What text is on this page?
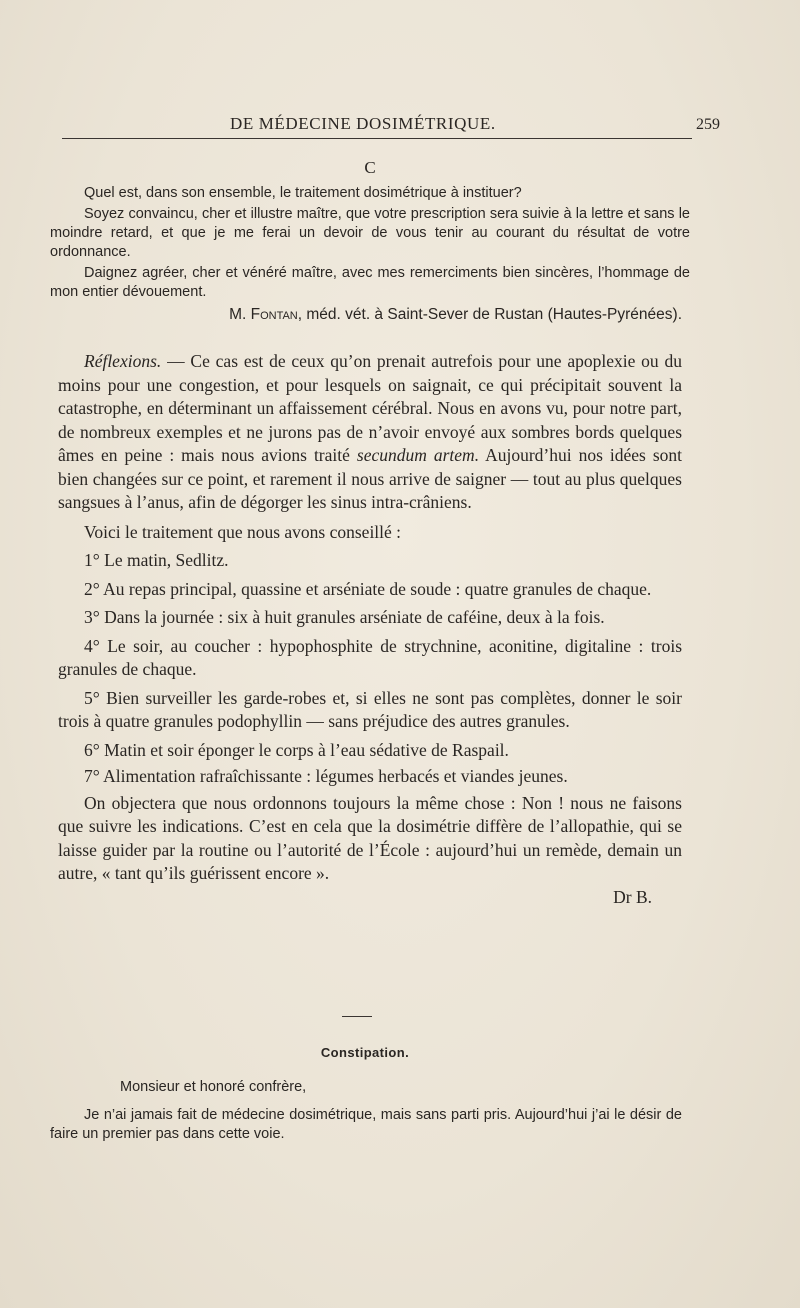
DE MÉDECINE DOSIMÉTRIQUE.	259
C

Quel est, dans son ensemble, le traitement dosimétrique à instituer?

Soyez convaincu, cher et illustre maître, que votre prescription sera suivie à la lettre et sans le moindre retard, et que je me ferai un devoir de vous tenir au courant du résultat de votre ordonnance.

Daignez agréer, cher et vénéré maître, avec mes remerciments bien sincères, l’hommage de mon entier dévouement.

M. Fontan, méd. vét. à Saint-Sever de Rustan (Hautes-Pyrénées).

Réflexions. — Ce cas est de ceux qu’on prenait autrefois pour une apoplexie ou du moins pour une congestion, et pour lesquels on saignait, ce qui précipitait souvent la catastrophe, en déterminant un affaissement cérébral. Nous en avons vu, pour notre part, de nombreux exemples et ne jurons pas de n’avoir envoyé aux sombres bords quelques âmes en peine : mais nous avions traité secundum artem. Aujourd’hui nos idées sont bien changées sur ce point, et rarement il nous arrive de saigner — tout au plus quelques sangsues à l’anus, afin de dégorger les sinus intra-crâniens.

Voici le traitement que nous avons conseillé :

1° Le matin, Sedlitz.

2° Au repas principal, quassine et arséniate de soude : quatre granules de chaque.

3° Dans la journée : six à huit granules arséniate de caféine, deux à la fois.

4° Le soir, au coucher : hypophosphite de strychnine, aconitine, digitaline : trois granules de chaque.

5° Bien surveiller les garde-robes et, si elles ne sont pas complètes, donner le soir trois à quatre granules podophyllin — sans préjudice des autres granules.

6° Matin et soir éponger le corps à l’eau sédative de Raspail.

7° Alimentation rafraîchissante : légumes herbacés et viandes jeunes.

On objectera que nous ordonnons toujours la même chose : Non ! nous ne faisons que suivre les indications. C’est en cela que la dosimétrie diffère de l’allopathie, qui se laisse guider par la routine ou l’autorité de l’École : aujourd’hui un remède, demain un autre, « tant qu’ils guérissent encore ».

Dr B.
Constipation.

Monsieur et honoré confrère,

Je n’ai jamais fait de médecine dosimétrique, mais sans parti pris. Aujourd’hui j’ai le désir de faire un premier pas dans cette voie.
